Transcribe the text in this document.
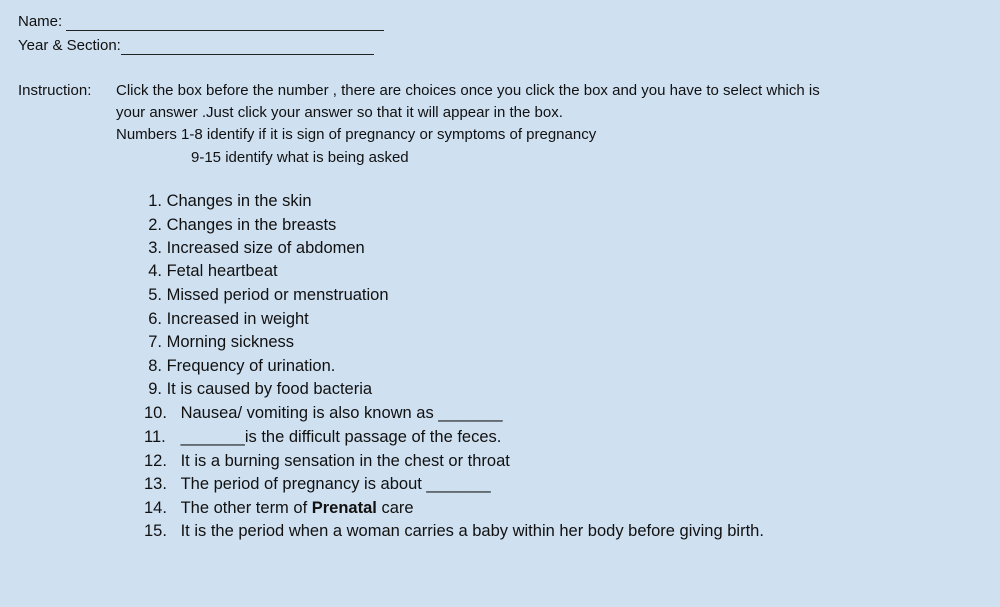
Name:
Year & Section:
Instruction: Click the box before the number , there are choices once you click the box and you have to select which is
your answer .Just click your answer so that it will appear in the box.
Numbers 1-8 identify if it is sign of pregnancy or symptoms of pregnancy
9-15 identify what is being asked
1. Changes in the skin
2. Changes in the breasts
3. Increased size of abdomen
4. Fetal heartbeat
5. Missed period or menstruation
6. Increased in weight
7. Morning sickness
8. Frequency of urination.
9. It is caused by food bacteria
10. Nausea/ vomiting is also known as _______
11. _______is the difficult passage of the feces.
12. It is a burning sensation in the chest or throat
13. The period of pregnancy is about _______
14. The other term of Prenatal care
15. It is the period when a woman carries a baby within her body before giving birth.
